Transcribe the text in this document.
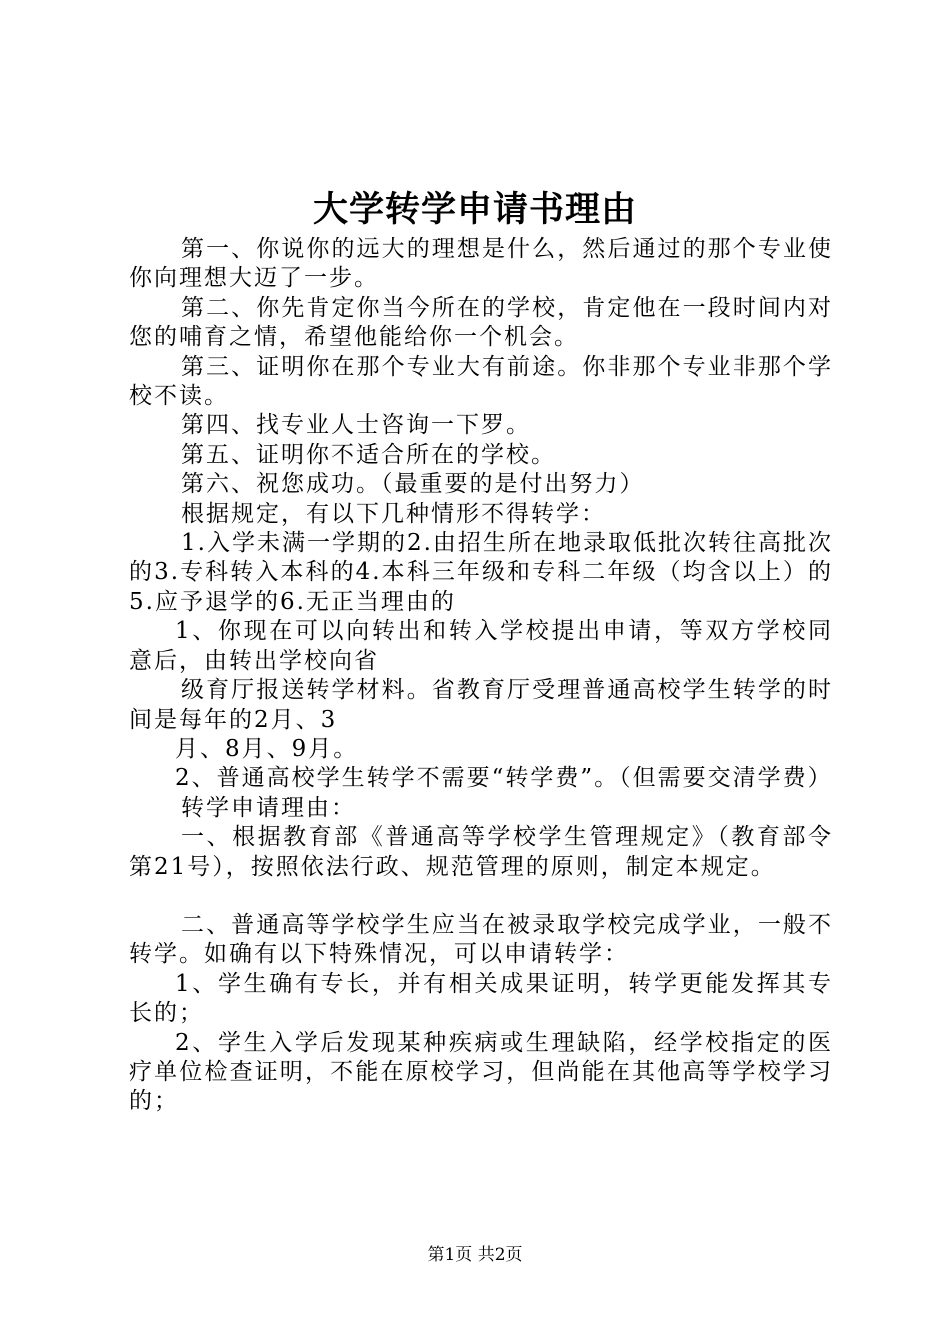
大学转学申请书理由

第一、你说你的远大的理想是什么，然后通过的那个专业使你向理想大迈了一步。

第二、你先肯定你当今所在的学校，肯定他在一段时间内对您的哺育之情，希望他能给你一个机会。

第三、证明你在那个专业大有前途。你非那个专业非那个学校不读。

第四、找专业人士咨询一下罗。

第五、证明你不适合所在的学校。

第六、祝您成功。（最重要的是付出努力）

根据规定，有以下几种情形不得转学：

1.入学未满一学期的2.由招生所在地录取低批次转往高批次的3.专科转入本科的4.本科三年级和专科二年级（均含以上）的5.应予退学的6.无正当理由的

1、你现在可以向转出和转入学校提出申请，等双方学校同意后，由转出学校向省

级育厅报送转学材料。省教育厅受理普通高校学生转学的时间是每年的2月、3

月、8月、9月。

2、普通高校学生转学不需要“转学费”。（但需要交清学费）

转学申请理由：

一、根据教育部《普通高等学校学生管理规定》（教育部令第21号），按照依法行政、规范管理的原则，制定本规定。

二、普通高等学校学生应当在被录取学校完成学业，一般不转学。如确有以下特殊情况，可以申请转学：

1、学生确有专长，并有相关成果证明，转学更能发挥其专长的；

2、学生入学后发现某种疾病或生理缺陷，经学校指定的医疗单位检查证明，不能在原校学习，但尚能在其他高等学校学习的；

第1页 共2页
